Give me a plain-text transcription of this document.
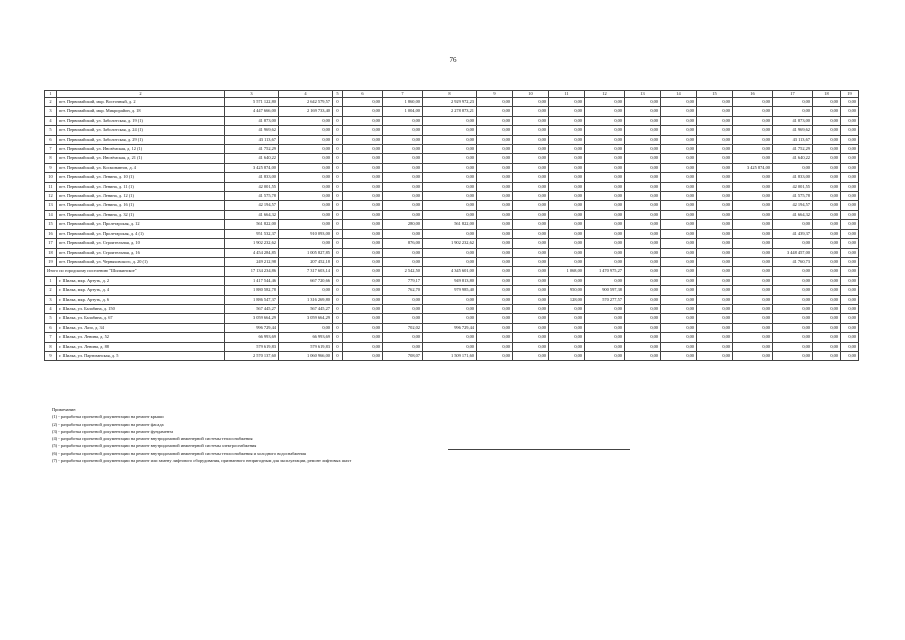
76
1	2	3	4	5	6	7	8	9	10	11	12	13	14	15	16	17	18	19
2	пгт. Первомайский, мкр. Восточный, д. 2	5 571 122,80	2 642 579,57	0	0,00	1 860,00	2 929 972,23	0,00	0,00	0,00	0,00	0,00	0,00	0,00	0,00	0,00	0,00	0,00
3	пгт. Первомайский, мкр. Микрорайон, д. 18	4 447 666,00	2 169 733,40	0	0,00	1 004,00	2 278 873,21	0,00	0,00	0,00	0,00	0,00	0,00	0,00	0,00	0,00	0,00	0,00
4	пгт. Первомайский, ул. Заболотская, д. 19 (1)	41 873,00	0,00	0	0,00	0,00	0,00	0,00	0,00	0,00	0,00	0,00	0,00	0,00	0,00	41 873,00	0,00	0,00
5	пгт. Первомайский, ул. Заболотская, д. 24 (1)	41 969,62	0,00	0	0,00	0,00	0,00	0,00	0,00	0,00	0,00	0,00	0,00	0,00	0,00	41 969,62	0,00	0,00
6	пгт. Первомайский, ул. Заболотская, д. 29 (1)	43 113,67	0,00	0	0,00	0,00	0,00	0,00	0,00	0,00	0,00	0,00	0,00	0,00	0,00	43 113,67	0,00	0,00
7	пгт. Первомайский, ул. Инозёмская, д. 12 (1)	41 752,29	0,00	0	0,00	0,00	0,00	0,00	0,00	0,00	0,00	0,00	0,00	0,00	0,00	41 752,29	0,00	0,00
8	пгт. Первомайский, ул. Инозёмская, д. 21 (1)	41 640,22	0,00	0	0,00	0,00	0,00	0,00	0,00	0,00	0,00	0,00	0,00	0,00	0,00	41 640,22	0,00	0,00
9	пгт. Первомайский, ул. Космонавтов, д. 4	3 425 874,00	0,00	0	0,00	0,00	0,00	0,00	0,00	0,00	0,00	0,00	0,00	0,00	3 425 874,00	0,00	0,00	0,00
10	пгт. Первомайский, ул. Ленина, д. 10 (1)	41 833,00	0,00	0	0,00	0,00	0,00	0,00	0,00	0,00	0,00	0,00	0,00	0,00	0,00	41 833,00	0,00	0,00
11	пгт. Первомайский, ул. Ленина, д. 11 (1)	42 001,55	0,00	0	0,00	0,00	0,00	0,00	0,00	0,00	0,00	0,00	0,00	0,00	0,00	42 001,55	0,00	0,00
12	пгт. Первомайский, ул. Ленина, д. 12 (1)	41 575,78	0,00	0	0,00	0,00	0,00	0,00	0,00	0,00	0,00	0,00	0,00	0,00	0,00	41 575,78	0,00	0,00
13	пгт. Первомайский, ул. Ленина, д. 16 (1)	42 194,57	0,00	0	0,00	0,00	0,00	0,00	0,00	0,00	0,00	0,00	0,00	0,00	0,00	42 194,57	0,00	0,00
14	пгт. Первомайский, ул. Ленина, д. 32 (1)	41 664,32	0,00	0	0,00	0,00	0,00	0,00	0,00	0,00	0,00	0,00	0,00	0,00	0,00	41 664,32	0,00	0,00
15	пгт. Первомайский, ул. Пролетарская, д. 12	561 822,00	0,00	0	0,00	280,00	561 822,00	0,00	0,00	0,00	0,00	0,00	0,00	0,00	0,00	0,00	0,00	0,00
16	пгт. Первомайский, ул. Пролетарская, д. 4 (1)	951 532,37	910 093,00	0	0,00	0,00	0,00	0,00	0,00	0,00	0,00	0,00	0,00	0,00	0,00	41 439,37	0,00	0,00
17	пгт. Первомайский, ул. Строительная, д. 10	1 902 232,62	0,00	0	0,00	876,00	1 902 232,62	0,00	0,00	0,00	0,00	0,00	0,00	0,00	0,00	0,00	0,00	0,00
18	пгт. Первомайский, ул. Строительная, д. 16	4 454 284,85	1 005 827,85	0	0,00	0,00	0,00	0,00	0,00	0,00	0,00	0,00	0,00	0,00	0,00	3 448 457,00	0,00	0,00
19	пгт. Первомайский, ул. Черняховского, д. 20 (1)	249 212,98	207 452,18	0	0,00	0,00	0,00	0,00	0,00	0,00	0,00	0,00	0,00	0,00	0,00	41 760,73	0,00	0,00
Итого по городскому поселению "Шилкинское"		17 134 234,86	7 317 603,14	0	0,00	2 542,50	4 345 601,00	0,00	0,00	1 068,00	1 470 975,27	0,00	0,00	0,00	0,00	0,00	0,00	0,00
1	г. Шилка, мкр. Артуть, д. 2	1 417 544,46	667 720,66	0	0,00	779,17	949 813,80	0,00	0,00	0,00	0,00	0,00	0,00	0,00	0,00	0,00	0,00	0,00
2	г. Шилка, мкр. Артуть, д. 4	1 880 582,78	0,00	0	0,00	762,70	979 985,40	0,00	0,00	950,00	900 597,38	0,00	0,00	0,00	0,00	0,00	0,00	0,00
3	г. Шилка, мкр. Артуть, д. 6	1 886 547,37	1 316 269,80	0	0,00	0,00	0,00	0,00	0,00	128,00	570 277,57	0,00	0,00	0,00	0,00	0,00	0,00	0,00
4	г. Шилка, ул. Балабина, д. 150	567 445,27	567 445,27	0	0,00	0,00	0,00	0,00	0,00	0,00	0,00	0,00	0,00	0,00	0,00	0,00	0,00	0,00
5	г. Шилка, ул. Балабина, д. 67	3 059 664,29	3 059 664,29	0	0,00	0,00	0,00	0,00	0,00	0,00	0,00	0,00	0,00	0,00	0,00	0,00	0,00	0,00
6	г. Шилка, ул. Лазо, д. 34	996 729,44	0,00	0	0,00	702,02	996 729,44	0,00	0,00	0,00	0,00	0,00	0,00	0,00	0,00	0,00	0,00	0,00
7	г. Шилка, ул. Ленина, д. 52	66 993,69	66 993,69	0	0,00	0,00	0,00	0,00	0,00	0,00	0,00	0,00	0,00	0,00	0,00	0,00	0,00	0,00
8	г. Шилка, ул. Ленина, д. 88	579 619,83	579 619,83	0	0,00	0,00	0,00	0,00	0,00	0,00	0,00	0,00	0,00	0,00	0,00	0,00	0,00	0,00
9	г. Шилка, ул. Партизанская, д. 5	2 570 137,60	1 060 966,00	0	0,00	708,07	1 509 171,60	0,00	0,00	0,00	0,00	0,00	0,00	0,00	0,00	0,00	0,00	0,00
Примечание:
(1) - разработка проектной документации на ремонт крыши
(2) - разработка проектной документации на ремонт фасада
(3) - разработка проектной документации на ремонт фундамента
(4) - разработка проектной документации на ремонт внутридомовой инженерной системы теплоснабжения
(5) - разработка проектной документации на ремонт внутридомовой инженерной системы электроснабжения
(6) - разработка проектной документации на ремонт внутридомовой инженерной системы теплоснабжения и холодного водоснабжения
(7) - разработка проектной документации на ремонт или замену лифтового оборудования, признанного непригодным для эксплуатации, ремонт лифтовых шахт
